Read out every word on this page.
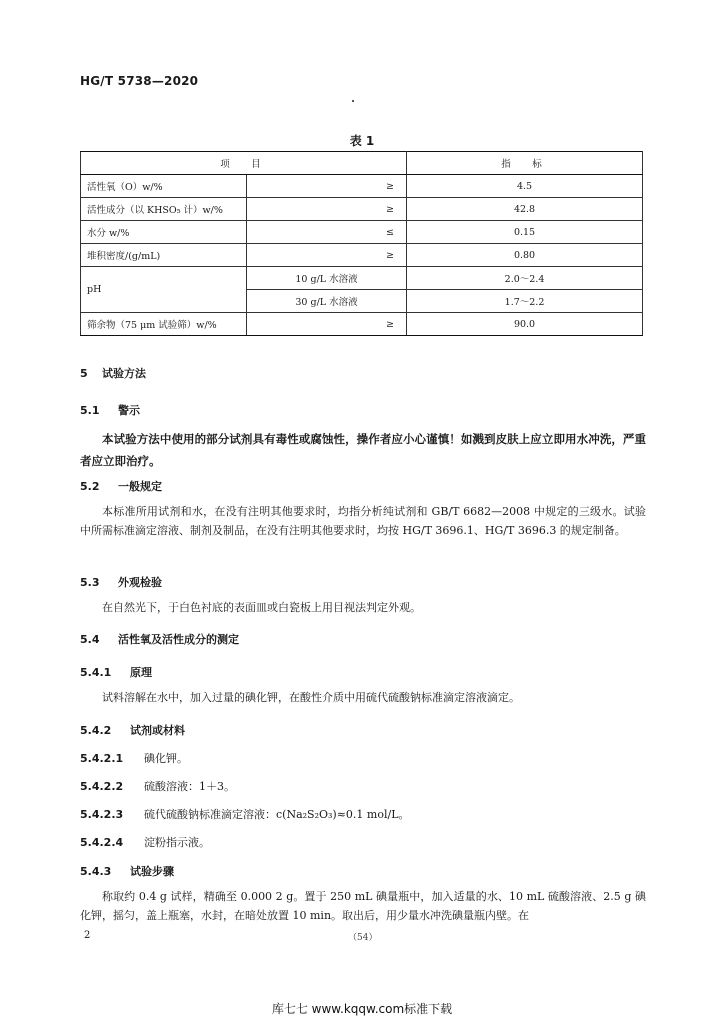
HG/T 5738—2020
表 1
项　目		指　标
活性氧（O）w/%	≥	4.5
活性成分（以 KHSO₅ 计）w/%	≥	42.8
水分 w/%	≤	0.15
堆积密度/(g/mL)	≥	0.80
pH	10 g/L 水溶液	2.0～2.4
	30 g/L 水溶液	1.7～2.2
筛余物（75 μm 试验筛）w/%	≥	90.0
5 试验方法
5.1 警示
本试验方法中使用的部分试剂具有毒性或腐蚀性，操作者应小心谨慎！如溅到皮肤上应立即用水冲洗，严重者应立即治疗。
5.2 一般规定
本标准所用试剂和水，在没有注明其他要求时，均指分析纯试剂和 GB/T 6682—2008 中规定的三级水。试验中所需标准滴定溶液、制剂及制品，在没有注明其他要求时，均按 HG/T 3696.1、HG/T 3696.3 的规定制备。
5.3 外观检验
在自然光下，于白色衬底的表面皿或白瓷板上用目视法判定外观。
5.4 活性氧及活性成分的测定
5.4.1 原理
试料溶解在水中，加入过量的碘化钾，在酸性介质中用硫代硫酸钠标准滴定溶液滴定。
5.4.2 试剂或材料
5.4.2.1 碘化钾。
5.4.2.2 硫酸溶液：1＋3。
5.4.2.3 硫代硫酸钠标准滴定溶液：c(Na₂S₂O₃)≈0.1 mol/L。
5.4.2.4 淀粉指示液。
5.4.3 试验步骤
称取约 0.4 g 试样，精确至 0.000 2 g。置于 250 mL 碘量瓶中，加入适量的水、10 mL 硫酸溶液、2.5 g 碘化钾，摇匀，盖上瓶塞，水封，在暗处放置 10 min。取出后，用少量水冲洗碘量瓶内壁。在
2	（54）
库七七 www.kqqw.com标准下载
